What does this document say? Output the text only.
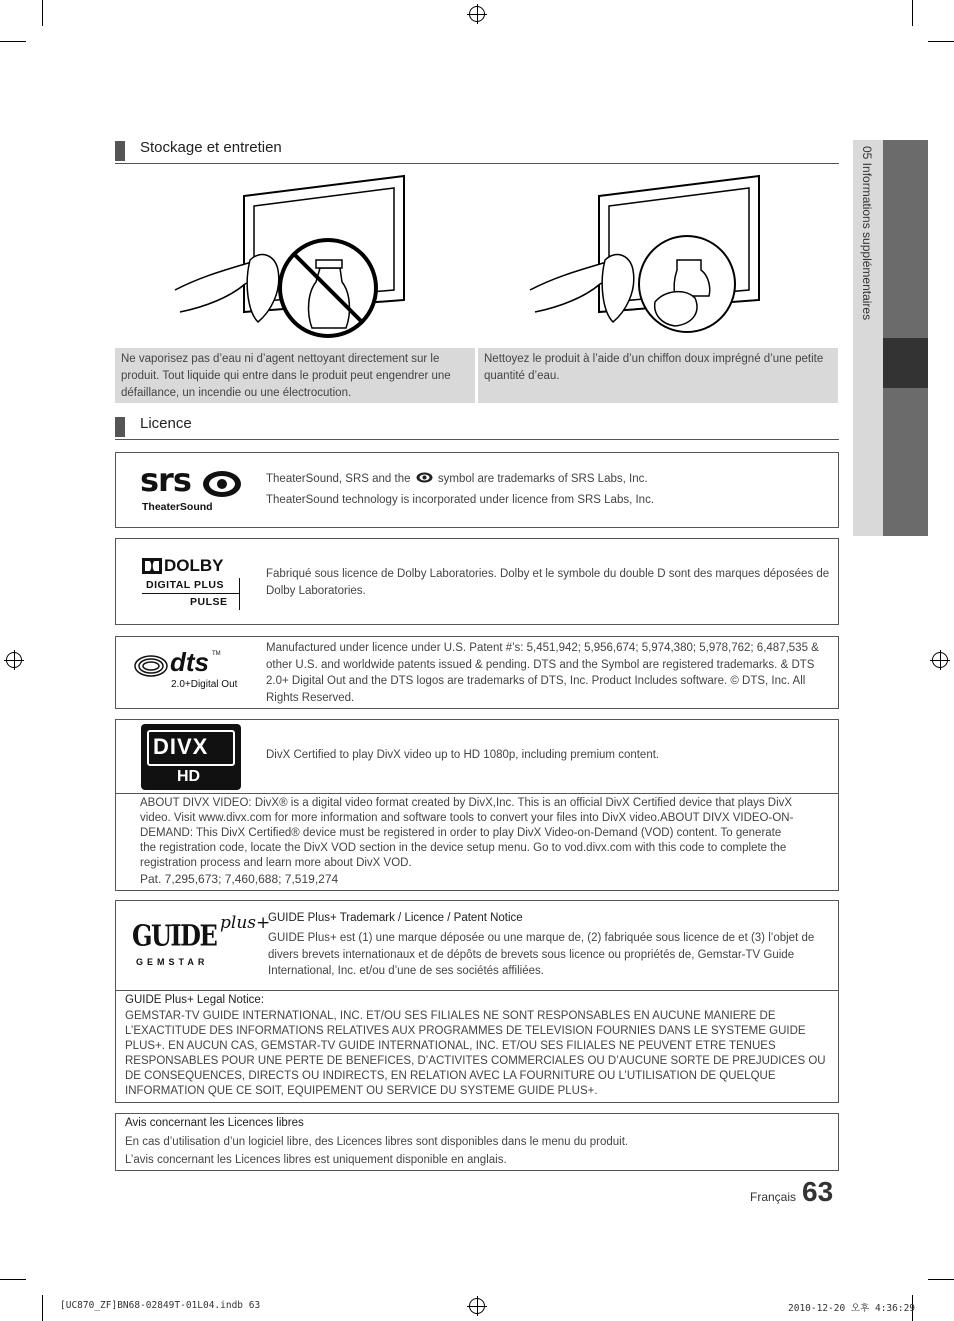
05 Informations supplémentaires
Stockage et entretien
Ne vaporisez pas d’eau ni d’agent nettoyant directement sur le produit. Tout liquide qui entre dans le produit peut engendrer une défaillance, un incendie ou une électrocution.
Nettoyez le produit à l’aide d’un chiffon doux imprégné d’une petite quantité d’eau.
Licence
srs
TheaterSound
TheaterSound, SRS and the symbol are trademarks of SRS Labs, Inc.
TheaterSound technology is incorporated under licence from SRS Labs, Inc.
DOLBY
DIGITAL PLUS
PULSE
Fabriqué sous licence de Dolby Laboratories. Dolby et le symbole du double D sont des marques déposées de Dolby Laboratories.
dts TM
2.0+Digital Out
Manufactured under licence under U.S. Patent #’s: 5,451,942; 5,956,674; 5,974,380; 5,978,762; 6,487,535 & other U.S. and worldwide patents issued & pending. DTS and the Symbol are registered trademarks. & DTS 2.0+ Digital Out and the DTS logos are trademarks of DTS, Inc. Product Includes software. © DTS, Inc. All Rights Reserved.
DIVX
HD
DivX Certified to play DivX video up to HD 1080p, including premium content.
ABOUT DIVX VIDEO: DivX® is a digital video format created by DivX,Inc. This is an official DivX Certified device that plays DivX video. Visit www.divx.com for more information and software tools to convert your files into DivX video.ABOUT DIVX VIDEO-ON-DEMAND: This DivX Certified® device must be registered in order to play DivX Video-on-Demand (VOD) content. To generate the registration code, locate the DivX VOD section in the device setup menu. Go to vod.divx.com with this code to complete the registration process and learn more about DivX VOD.
Pat. 7,295,673; 7,460,688; 7,519,274
GUIDE plus+
GEMSTAR
GUIDE Plus+ Trademark / Licence / Patent Notice
GUIDE Plus+ est (1) une marque déposée ou une marque de, (2) fabriquée sous licence de et (3) l’objet de divers brevets internationaux et de dépôts de brevets sous licence ou propriétés de, Gemstar-TV Guide International, Inc. et/ou d’une de ses sociétés affiliées.
GUIDE Plus+ Legal Notice:
GEMSTAR-TV GUIDE INTERNATIONAL, INC. ET/OU SES FILIALES NE SONT RESPONSABLES EN AUCUNE MANIERE DE L’EXACTITUDE DES INFORMATIONS RELATIVES AUX PROGRAMMES DE TELEVISION FOURNIES DANS LE SYSTEME GUIDE PLUS+. EN AUCUN CAS, GEMSTAR-TV GUIDE INTERNATIONAL, INC. ET/OU SES FILIALES NE PEUVENT ETRE TENUES RESPONSABLES POUR UNE PERTE DE BENEFICES, D’ACTIVITES COMMERCIALES OU D’AUCUNE SORTE DE PREJUDICES OU DE CONSEQUENCES, DIRECTS OU INDIRECTS, EN RELATION AVEC LA FOURNITURE OU L’UTILISATION DE QUELQUE INFORMATION QUE CE SOIT, EQUIPEMENT OU SERVICE DU SYSTEME GUIDE PLUS+.
Avis concernant les Licences libres
En cas d’utilisation d’un logiciel libre, des Licences libres sont disponibles dans le menu du produit.
L’avis concernant les Licences libres est uniquement disponible en anglais.
Français 63
[UC870_ZF]BN68-02849T-01L04.indb 63	2010-12-20 오후 4:36:29
